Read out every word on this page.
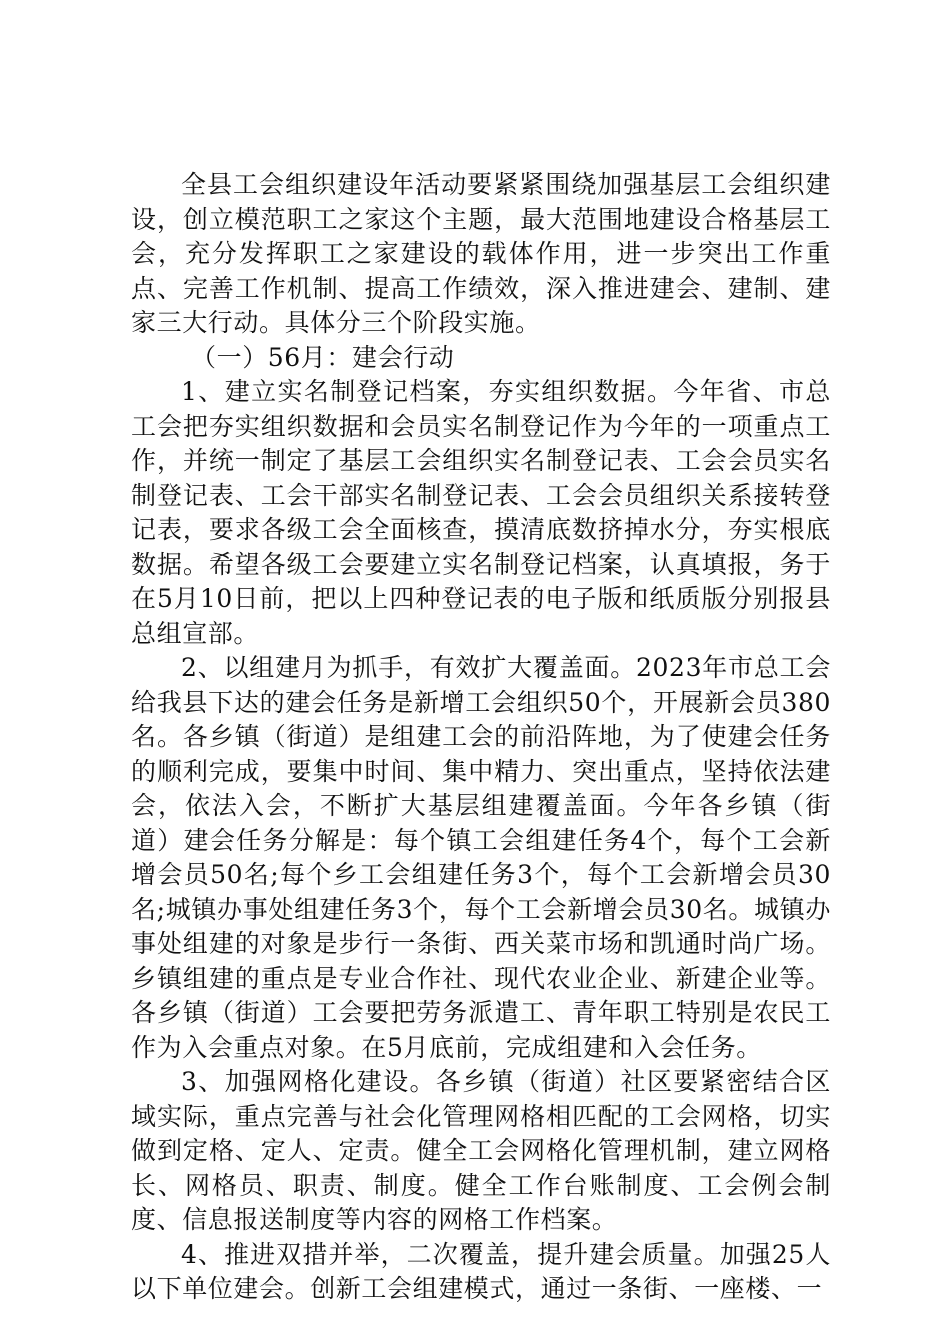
全县工会组织建设年活动要紧紧围绕加强基层工会组织建设，创立模范职工之家这个主题，最大范围地建设合格基层工会，充分发挥职工之家建设的载体作用，进一步突出工作重点、完善工作机制、提高工作绩效，深入推进建会、建制、建家三大行动。具体分三个阶段实施。

（一）56月：建会行动

1、建立实名制登记档案，夯实组织数据。今年省、市总工会把夯实组织数据和会员实名制登记作为今年的一项重点工作，并统一制定了基层工会组织实名制登记表、工会会员实名制登记表、工会干部实名制登记表、工会会员组织关系接转登记表，要求各级工会全面核查，摸清底数挤掉水分，夯实根底数据。希望各级工会要建立实名制登记档案，认真填报，务于在5月10日前，把以上四种登记表的电子版和纸质版分别报县总组宣部。

2、以组建月为抓手，有效扩大覆盖面。2023年市总工会给我县下达的建会任务是新增工会组织50个，开展新会员380名。各乡镇（街道）是组建工会的前沿阵地，为了使建会任务的顺利完成，要集中时间、集中精力、突出重点，坚持依法建会，依法入会，不断扩大基层组建覆盖面。今年各乡镇（街道）建会任务分解是：每个镇工会组建任务4个，每个工会新增会员50名;每个乡工会组建任务3个，每个工会新增会员30名;城镇办事处组建任务3个，每个工会新增会员30名。城镇办事处组建的对象是步行一条街、西关菜市场和凯通时尚广场。乡镇组建的重点是专业合作社、现代农业企业、新建企业等。各乡镇（街道）工会要把劳务派遣工、青年职工特别是农民工作为入会重点对象。在5月底前，完成组建和入会任务。

3、加强网格化建设。各乡镇（街道）社区要紧密结合区域实际，重点完善与社会化管理网格相匹配的工会网格，切实做到定格、定人、定责。健全工会网格化管理机制，建立网格长、网格员、职责、制度。健全工作台账制度、工会例会制度、信息报送制度等内容的网格工作档案。

4、推进双措并举，二次覆盖，提升建会质量。加强25人以下单位建会。创新工会组建模式，通过一条街、一座楼、一
